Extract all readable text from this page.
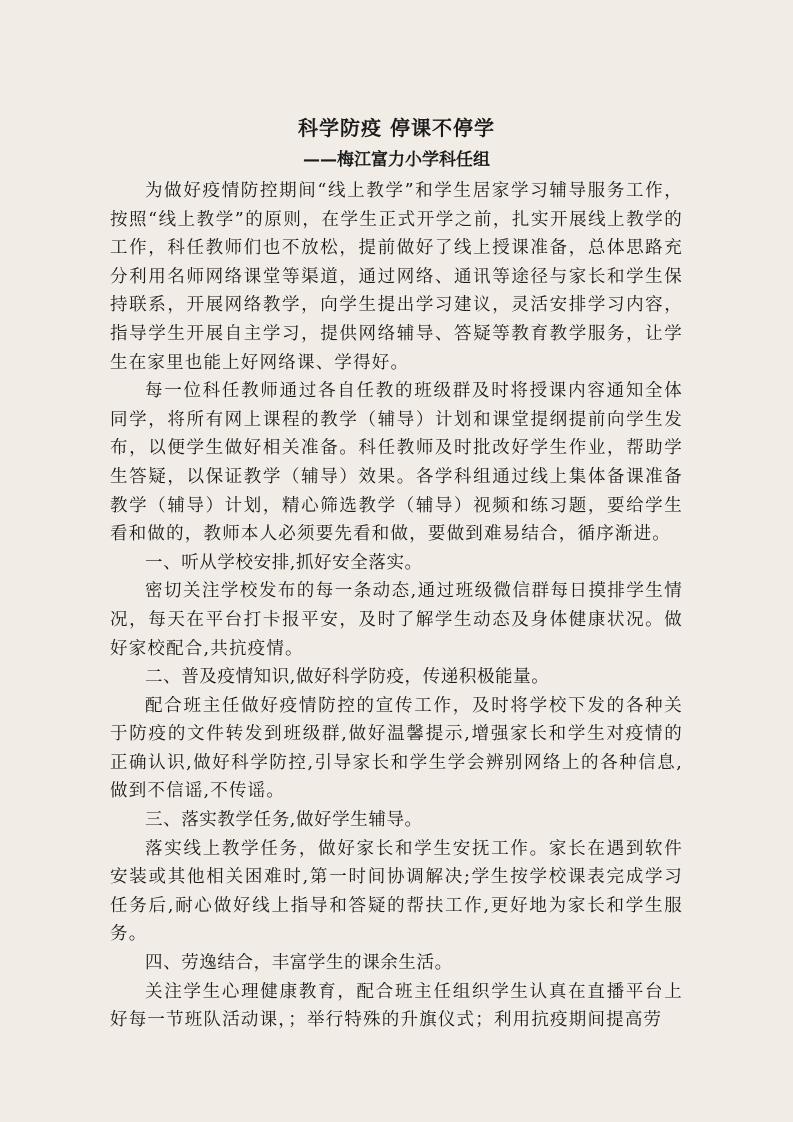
科学防疫 停课不停学
——梅江富力小学科任组

为做好疫情防控期间“线上教学”和学生居家学习辅导服务工作，按照“线上教学”的原则，在学生正式开学之前，扎实开展线上教学的工作，科任教师们也不放松，提前做好了线上授课准备，总体思路充分利用名师网络课堂等渠道，通过网络、通讯等途径与家长和学生保持联系，开展网络教学，向学生提出学习建议，灵活安排学习内容，指导学生开展自主学习，提供网络辅导、答疑等教育教学服务，让学生在家里也能上好网络课、学得好。

每一位科任教师通过各自任教的班级群及时将授课内容通知全体同学，将所有网上课程的教学（辅导）计划和课堂提纲提前向学生发布，以便学生做好相关准备。科任教师及时批改好学生作业，帮助学生答疑，以保证教学（辅导）效果。各学科组通过线上集体备课准备教学（辅导）计划，精心筛选教学（辅导）视频和练习题，要给学生看和做的，教师本人必须要先看和做，要做到难易结合，循序渐进。

一、听从学校安排,抓好安全落实。

密切关注学校发布的每一条动态,通过班级微信群每日摸排学生情况，每天在平台打卡报平安，及时了解学生动态及身体健康状况。做好家校配合,共抗疫情。

二、普及疫情知识,做好科学防疫，传递积极能量。

配合班主任做好疫情防控的宣传工作，及时将学校下发的各种关于防疫的文件转发到班级群,做好温馨提示,增强家长和学生对疫情的正确认识,做好科学防控,引导家长和学生学会辨别网络上的各种信息,做到不信谣,不传谣。

三、落实教学任务,做好学生辅导。

落实线上教学任务，做好家长和学生安抚工作。家长在遇到软件安装或其他相关困难时,第一时间协调解决;学生按学校课表完成学习任务后,耐心做好线上指导和答疑的帮扶工作,更好地为家长和学生服务。

四、劳逸结合，丰富学生的课余生活。

关注学生心理健康教育，配合班主任组织学生认真在直播平台上好每一节班队活动课，；举行特殊的升旗仪式；利用抗疫期间提高劳
